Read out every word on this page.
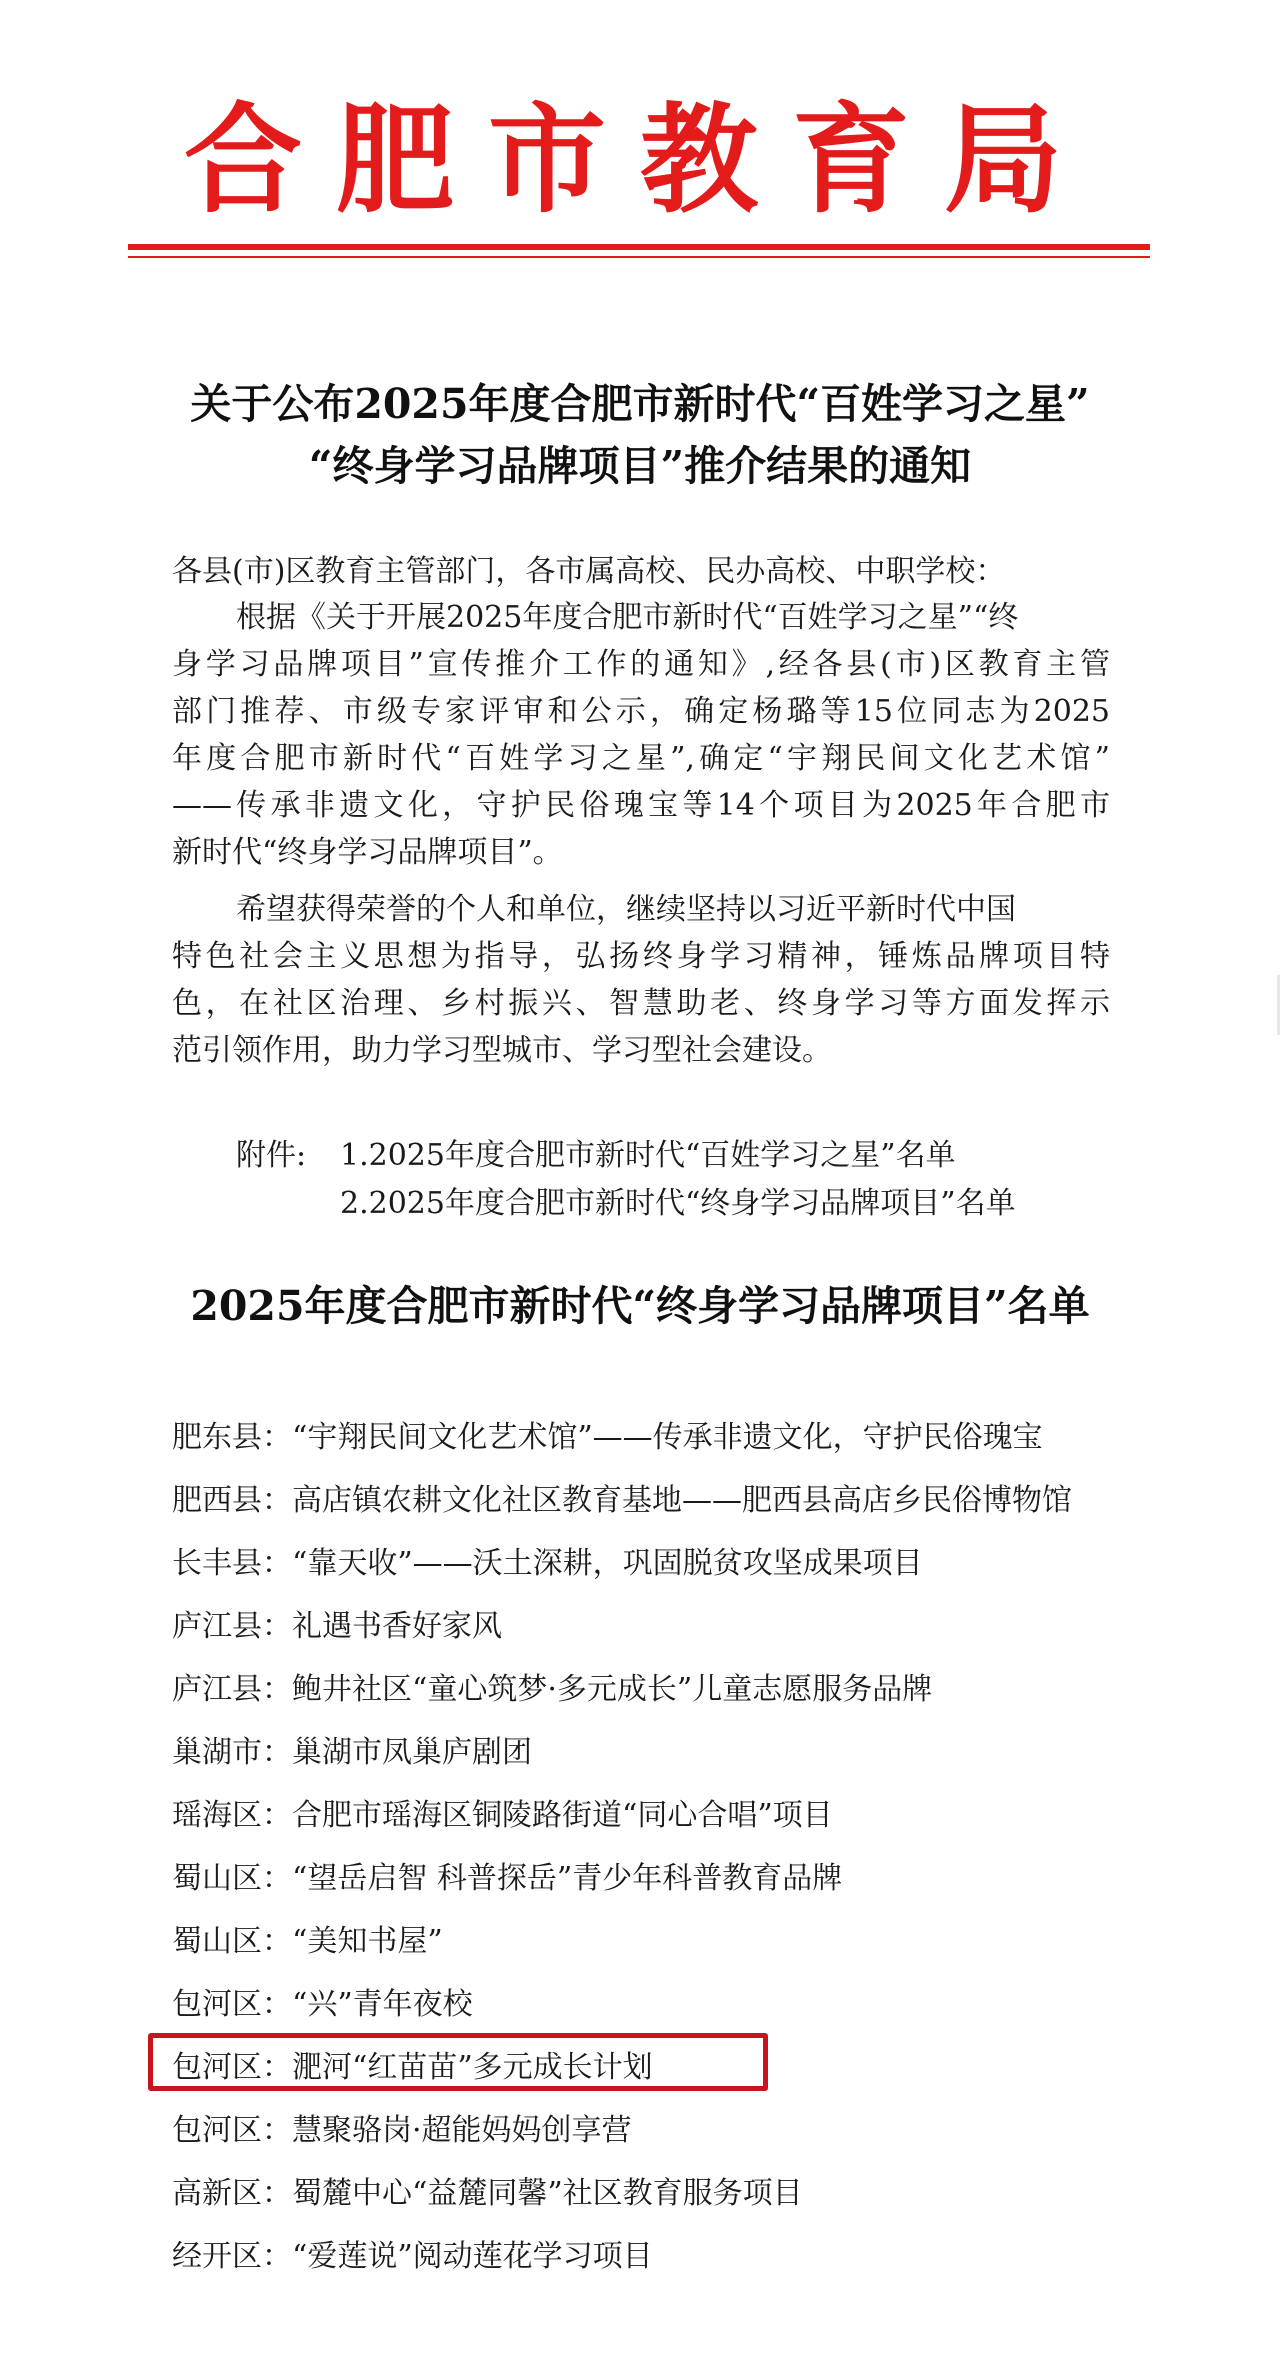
合肥市教育局
关于公布2025年度合肥市新时代“百姓学习之星”
“终身学习品牌项目”推介结果的通知
各县(市)区教育主管部门，各市属高校、民办高校、中职学校：
根据《关于开展2025年度合肥市新时代“百姓学习之星”“终
身学习品牌项目”宣传推介工作的通知》,经各县(市)区教育主管
部门推荐、市级专家评审和公示，确定杨璐等15位同志为2025
年度合肥市新时代“百姓学习之星”,确定“宇翔民间文化艺术馆”
——传承非遗文化，守护民俗瑰宝等14个项目为2025年合肥市
新时代“终身学习品牌项目”。
希望获得荣誉的个人和单位，继续坚持以习近平新时代中国
特色社会主义思想为指导，弘扬终身学习精神，锤炼品牌项目特
色，在社区治理、乡村振兴、智慧助老、终身学习等方面发挥示
范引领作用，助力学习型城市、学习型社会建设。
附件: 1.2025年度合肥市新时代“百姓学习之星”名单
2.2025年度合肥市新时代“终身学习品牌项目”名单
2025年度合肥市新时代“终身学习品牌项目”名单
肥东县：“宇翔民间文化艺术馆”——传承非遗文化，守护民俗瑰宝
肥西县：高店镇农耕文化社区教育基地——肥西县高店乡民俗博物馆
长丰县：“靠天收”——沃土深耕，巩固脱贫攻坚成果项目
庐江县：礼遇书香好家风
庐江县：鲍井社区“童心筑梦·多元成长”儿童志愿服务品牌
巢湖市：巢湖市凤巢庐剧团
瑶海区：合肥市瑶海区铜陵路街道“同心合唱”项目
蜀山区：“望岳启智 科普探岳”青少年科普教育品牌
蜀山区：“美知书屋”
包河区：“兴”青年夜校
包河区：淝河“红苗苗”多元成长计划
包河区：慧聚骆岗·超能妈妈创享营
高新区：蜀麓中心“益麓同馨”社区教育服务项目
经开区：“爱莲说”阅动莲花学习项目
